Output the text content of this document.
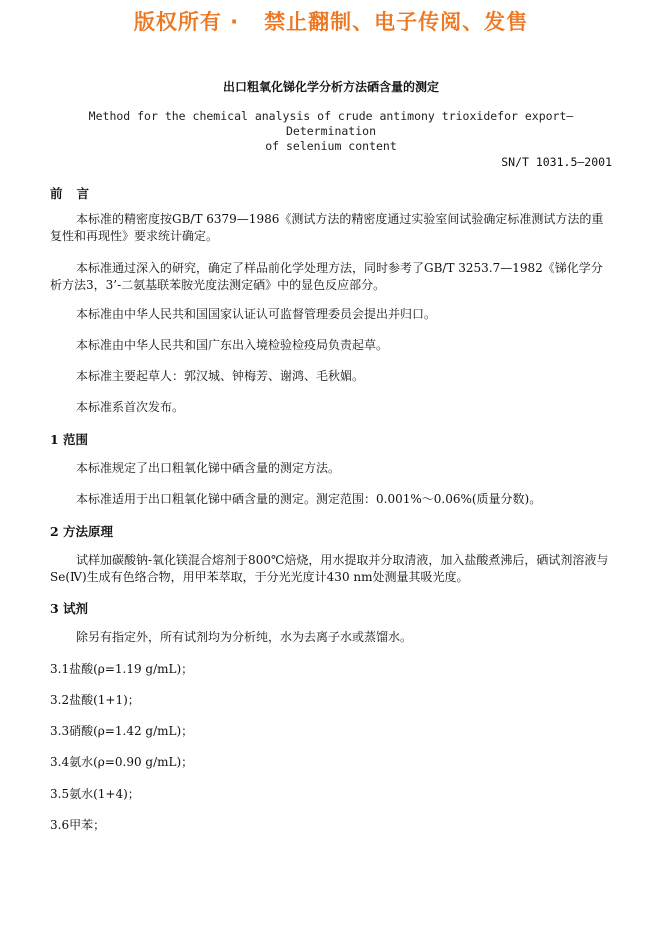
版权所有 ·   禁止翻制、电子传阅、发售
出口粗氧化锑化学分析方法硒含量的测定
Method for the chemical analysis of crude antimony trioxidefor export—Determination
of selenium content
SN/T 1031.5—2001
前言
本标准的精密度按GB/T 6379—1986《测试方法的精密度通过实验室间试验确定标准测试方法的重复性和再现性》要求统计确定。
本标准通过深入的研究，确定了样品前化学处理方法，同时参考了GB/T 3253.7—1982《锑化学分析方法3，3’-二氨基联苯胺光度法测定硒》中的显色反应部分。
本标准由中华人民共和国国家认证认可监督管理委员会提出并归口。
本标准由中华人民共和国广东出入境检验检疫局负责起草。
本标准主要起草人：郭汉城、钟梅芳、谢鸿、毛秋媚。
本标准系首次发布。
1 范围
本标准规定了出口粗氧化锑中硒含量的测定方法。
本标准适用于出口粗氧化锑中硒含量的测定。测定范围：0.001%～0.06%(质量分数)。
2 方法原理
试样加碳酸钠-氧化镁混合熔剂于800℃焙烧，用水提取并分取清液，加入盐酸煮沸后，硒试剂溶液与Se(Ⅳ)生成有色络合物，用甲苯萃取，于分光光度计430 nm处测量其吸光度。
3 试剂
除另有指定外，所有试剂均为分析纯，水为去离子水或蒸馏水。
3.1盐酸(ρ=1.19 g/mL)；
3.2盐酸(1+1)；
3.3硝酸(ρ=1.42 g/mL)；
3.4氨水(ρ=0.90 g/mL)；
3.5氨水(1+4)；
3.6甲苯；
